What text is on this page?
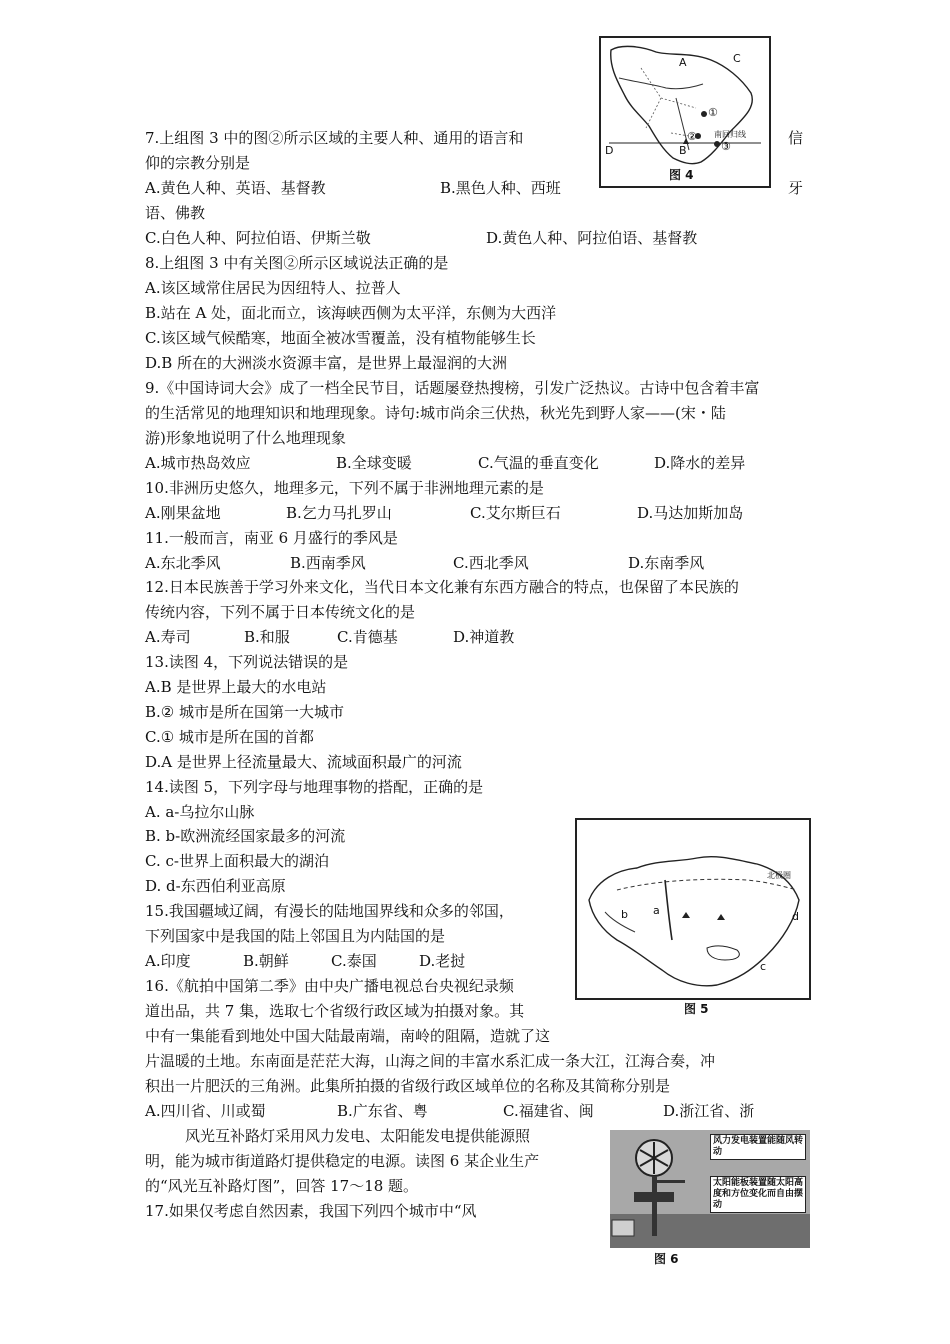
A	C
D	B
①
②
③
南回归线
图 4
7.上组图 3 中的图②所示区域的主要人种、通用的语言和	信
仰的宗教分别是
A.黄色人种、英语、基督教	B.黑色人种、西班	牙
语、佛教
C.白色人种、阿拉伯语、伊斯兰敬	D.黄色人种、阿拉伯语、基督教
8.上组图 3 中有关图②所示区域说法正确的是
A.该区域常住居民为因纽特人、拉普人
B.站在 A 处，面北而立，该海峡西侧为太平洋，东侧为大西洋
C.该区域气候酷寒，地面全被冰雪覆盖，没有植物能够生长
D.B 所在的大洲淡水资源丰富，是世界上最湿润的大洲
9.《中国诗词大会》成了一档全民节目，话题屡登热搜榜，引发广泛热议。古诗中包含着丰富
的生活常见的地理知识和地理现象。诗句:城市尚余三伏热，秋光先到野人家——(宋・陆
游)形象地说明了什么地理现象
A.城市热岛效应	B.全球变暖	C.气温的垂直变化	D.降水的差异
10.非洲历史悠久，地理多元，下列不属于非洲地理元素的是
A.刚果盆地	B.乞力马扎罗山	C.艾尔斯巨石	D.马达加斯加岛
11.一般而言，南亚 6 月盛行的季风是
A.东北季风	B.西南季风	C.西北季风	D.东南季风
12.日本民族善于学习外来文化，当代日本文化兼有东西方融合的特点，也保留了本民族的
传统内容，下列不属于日本传统文化的是
A.寿司	B.和服	C.肯德基	D.神道教
13.读图 4，下列说法错误的是
A.B 是世界上最大的水电站
B.② 城市是所在国第一大城市
C.① 城市是所在国的首都
D.A 是世界上径流量最大、流域面积最广的河流
14.读图 5，下列字母与地理事物的搭配，正确的是
A. a-乌拉尔山脉
B. b-欧洲流经国家最多的河流
C. c-世界上面积最大的湖泊
D. d-东西伯利亚高原
a
b
c
d
北极圈
图 5
15.我国疆域辽阔，有漫长的陆地国界线和众多的邻国，
下列国家中是我国的陆上邻国且为内陆国的是
A.印度	B.朝鲜	C.泰国	D.老挝
16.《航拍中国第二季》由中央广播电视总台央视纪录频
道出品，共 7 集，选取七个省级行政区域为拍摄对象。其
中有一集能看到地处中国大陆最南端，南岭的阻隔，造就了这
片温暖的土地。东南面是茫茫大海，山海之间的丰富水系汇成一条大江，江海合奏，冲
积出一片肥沃的三角洲。此集所拍摄的省级行政区域单位的名称及其简称分别是
A.四川省、川或蜀	B.广东省、粤	C.福建省、闽	D.浙江省、浙
风光互补路灯采用风力发电、太阳能发电提供能源照
明，能为城市街道路灯提供稳定的电源。读图 6 某企业生产
的“风光互补路灯图”，回答 17～18 题。
17.如果仅考虑自然因素，我国下列四个城市中“风
风力发电装置能随风转动
太阳能板装置随太阳高度和方位变化而自由摆动
图 6
